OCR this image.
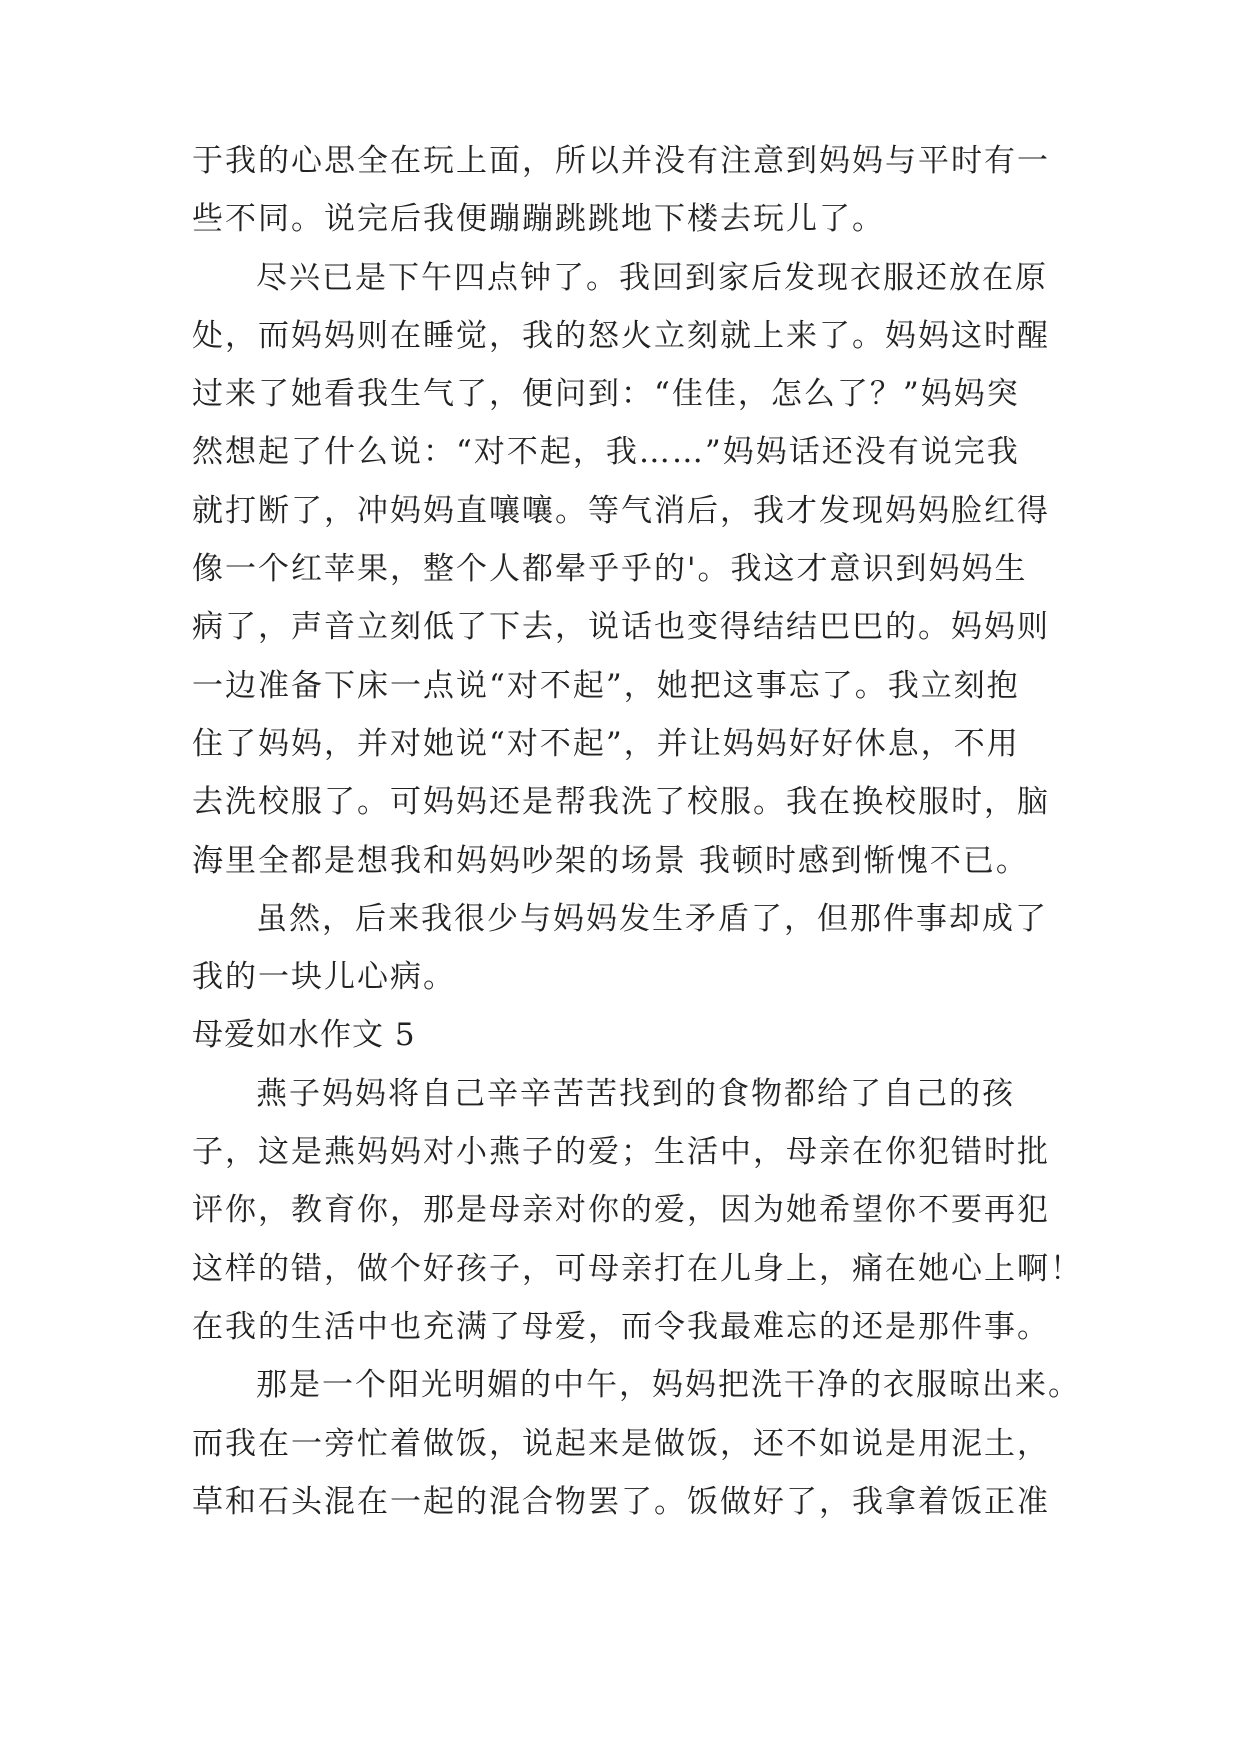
于我的心思全在玩上面，所以并没有注意到妈妈与平时有一
些不同。说完后我便蹦蹦跳跳地下楼去玩儿了。
尽兴已是下午四点钟了。我回到家后发现衣服还放在原
处，而妈妈则在睡觉，我的怒火立刻就上来了。妈妈这时醒
过来了她看我生气了，便问到：“佳佳，怎么了？”妈妈突
然想起了什么说：“对不起，我……”妈妈话还没有说完我
就打断了，冲妈妈直嚷嚷。等气消后，我才发现妈妈脸红得
像一个红苹果，整个人都晕乎乎的'。我这才意识到妈妈生
病了，声音立刻低了下去，说话也变得结结巴巴的。妈妈则
一边准备下床一点说“对不起”，她把这事忘了。我立刻抱
住了妈妈，并对她说“对不起”，并让妈妈好好休息，不用
去洗校服了。可妈妈还是帮我洗了校服。我在换校服时，脑
海里全都是想我和妈妈吵架的场景 我顿时感到惭愧不已。
虽然，后来我很少与妈妈发生矛盾了，但那件事却成了
我的一块儿心病。
母爱如水作文 5
燕子妈妈将自己辛辛苦苦找到的食物都给了自己的孩
子，这是燕妈妈对小燕子的爱；生活中，母亲在你犯错时批
评你，教育你，那是母亲对你的爱，因为她希望你不要再犯
这样的错，做个好孩子，可母亲打在儿身上，痛在她心上啊！
在我的生活中也充满了母爱，而令我最难忘的还是那件事。
那是一个阳光明媚的中午，妈妈把洗干净的衣服晾出来。
而我在一旁忙着做饭，说起来是做饭，还不如说是用泥土，
草和石头混在一起的混合物罢了。饭做好了，我拿着饭正准
